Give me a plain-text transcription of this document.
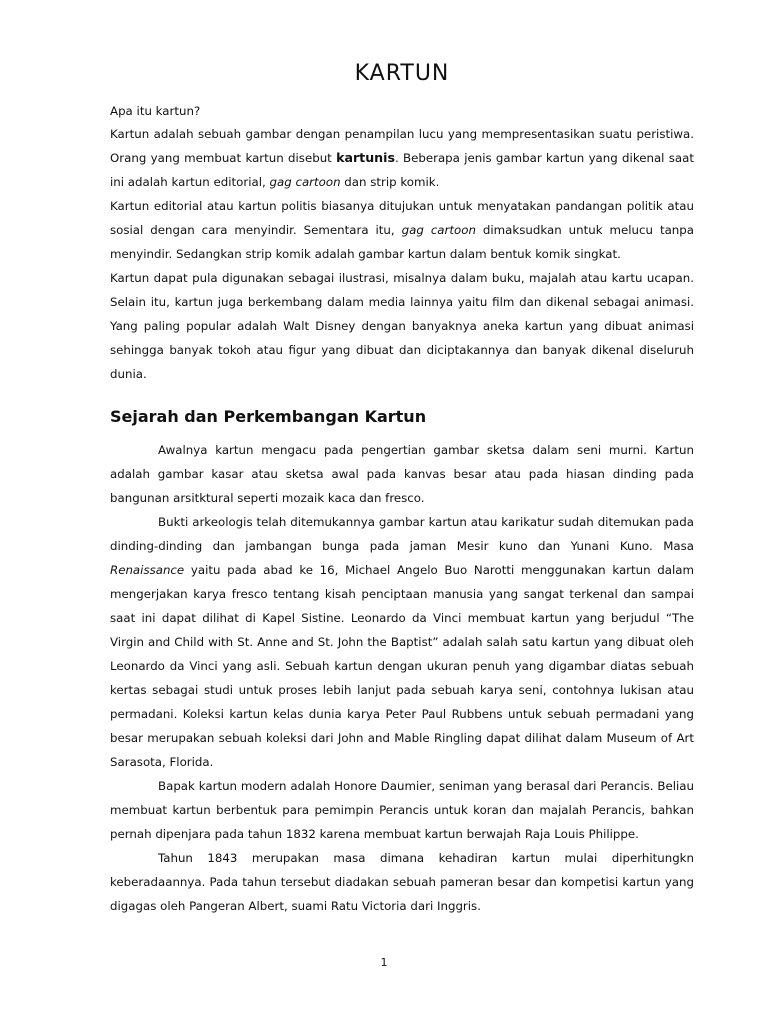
KARTUN

Apa itu kartun?

Kartun adalah sebuah gambar dengan penampilan lucu yang mempresentasikan suatu peristiwa. Orang yang membuat kartun disebut kartunis. Beberapa jenis gambar kartun yang dikenal saat ini adalah kartun editorial, gag cartoon dan strip komik.

Kartun editorial atau kartun politis biasanya ditujukan untuk menyatakan pandangan politik atau sosial dengan cara menyindir. Sementara itu, gag cartoon dimaksudkan untuk melucu tanpa menyindir. Sedangkan strip komik adalah gambar kartun dalam bentuk komik singkat.

Kartun dapat pula digunakan sebagai ilustrasi, misalnya dalam buku, majalah atau kartu ucapan. Selain itu, kartun juga berkembang dalam media lainnya yaitu film dan dikenal sebagai animasi. Yang paling popular adalah Walt Disney dengan banyaknya aneka kartun yang dibuat animasi sehingga banyak tokoh atau figur yang dibuat dan diciptakannya dan banyak dikenal diseluruh dunia.

Sejarah dan Perkembangan Kartun

Awalnya kartun mengacu pada pengertian gambar sketsa dalam seni murni. Kartun adalah gambar kasar atau sketsa awal pada kanvas besar atau pada hiasan dinding pada bangunan arsitktural seperti mozaik kaca dan fresco.

Bukti arkeologis telah ditemukannya gambar kartun atau karikatur sudah ditemukan pada dinding-dinding dan jambangan bunga pada jaman Mesir kuno dan Yunani Kuno. Masa Renaissance yaitu pada abad ke 16, Michael Angelo Buo Narotti menggunakan kartun dalam mengerjakan karya fresco tentang kisah penciptaan manusia yang sangat terkenal dan sampai saat ini dapat dilihat di Kapel Sistine. Leonardo da Vinci membuat kartun yang berjudul “The Virgin and Child with St. Anne and St. John the Baptist” adalah salah satu kartun yang dibuat oleh Leonardo da Vinci yang asli. Sebuah kartun dengan ukuran penuh yang digambar diatas sebuah kertas sebagai studi untuk proses lebih lanjut pada sebuah karya seni, contohnya lukisan atau permadani. Koleksi kartun kelas dunia karya Peter Paul Rubbens untuk sebuah permadani yang besar merupakan sebuah koleksi dari John and Mable Ringling dapat dilihat dalam Museum of Art Sarasota, Florida.

Bapak kartun modern adalah Honore Daumier, seniman yang berasal dari Perancis. Beliau membuat kartun berbentuk para pemimpin Perancis untuk koran dan majalah Perancis, bahkan pernah dipenjara pada tahun 1832 karena membuat kartun berwajah Raja Louis Philippe.

Tahun 1843 merupakan masa dimana kehadiran kartun mulai diperhitungkn keberadaannya. Pada tahun tersebut diadakan sebuah pameran besar dan kompetisi kartun yang digagas oleh Pangeran Albert, suami Ratu Victoria dari Inggris.

1
